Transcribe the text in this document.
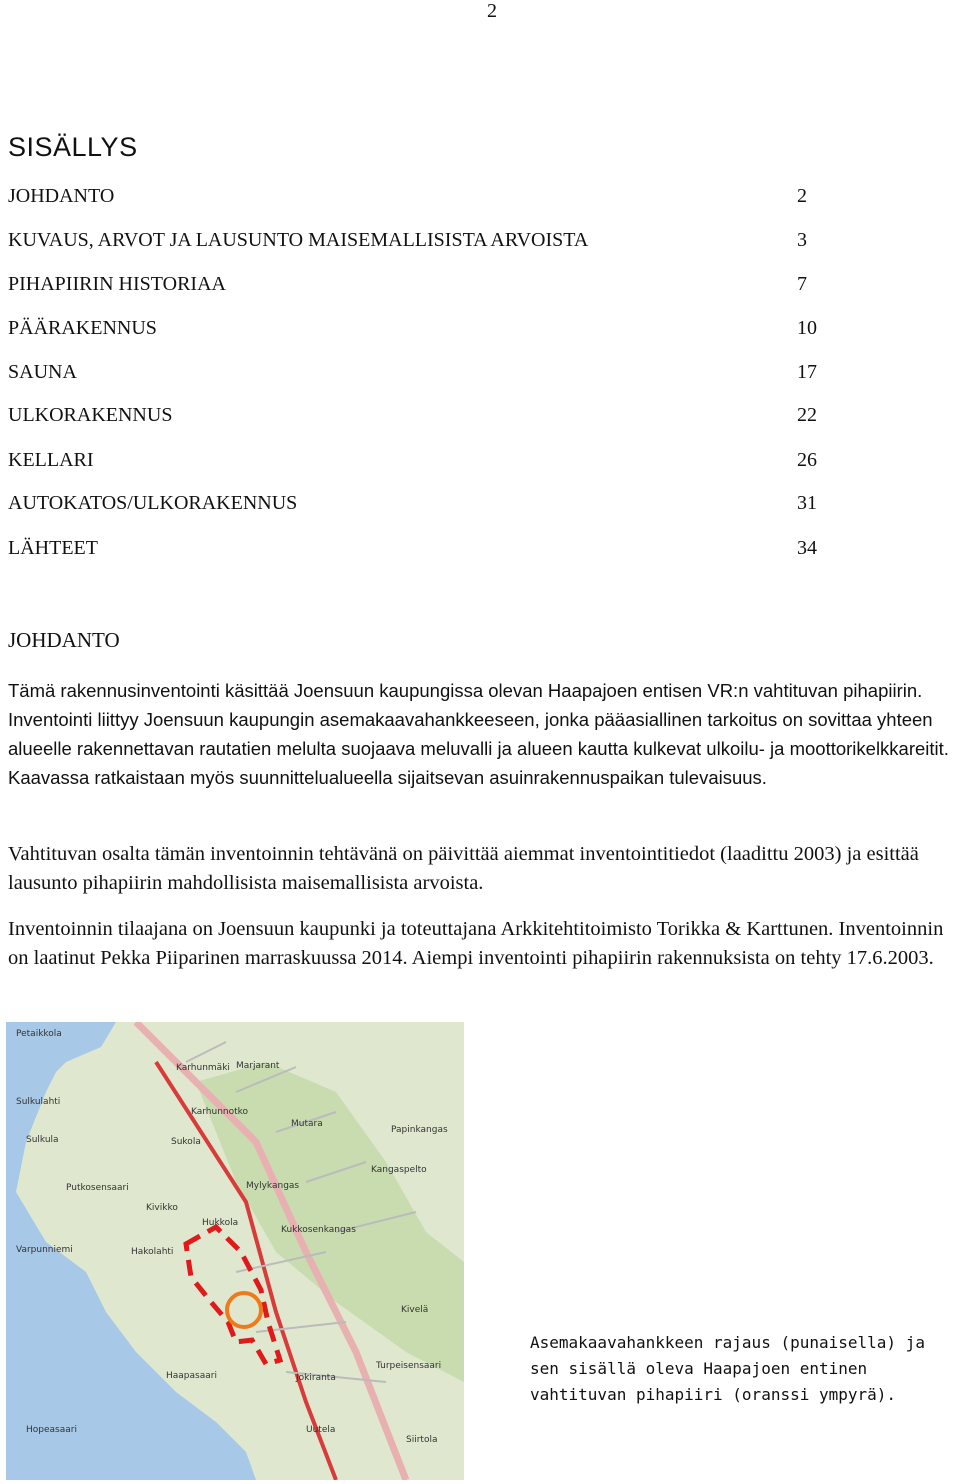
2
SISÄLLYS
JOHDANTO	2
KUVAUS, ARVOT JA LAUSUNTO MAISEMALLISISTA ARVOISTA	3
PIHAPIIRIN HISTORIAA	7
PÄÄRAKENNUS	10
SAUNA	17
ULKORAKENNUS	22
KELLARI	26
AUTOKATOS/ULKORAKENNUS	31
LÄHTEET	34
JOHDANTO

Tämä rakennusinventointi käsittää Joensuun kaupungissa olevan Haapajoen entisen VR:n vahtituvan pihapiirin. Inventointi liittyy Joensuun kaupungin asemakaavahankkeeseen, jonka pääasiallinen tarkoitus on sovittaa yhteen alueelle rakennettavan rautatien melulta suojaava meluvalli ja alueen kautta kulkevat ulkoilu- ja moottorikelkkareitit. Kaavassa ratkaistaan myös suunnittelualueella sijaitsevan asuinrakennuspaikan tulevaisuus.

Vahtituvan osalta tämän inventoinnin tehtävänä on päivittää aiemmat inventointitiedot (laadittu 2003) ja esittää lausunto pihapiirin mahdollisista maisemallisista arvoista.

Inventoinnin tilaajana on Joensuun kaupunki ja toteuttajana Arkkitehtitoimisto Torikka & Karttunen. Inventoinnin on laatinut Pekka Piiparinen marraskuussa 2014. Aiempi inventointi pihapiirin rakennuksista on tehty 17.6.2003.

Petaikkola
Sulkulahti
Sulkula
Putkosensaari
Kivikko
Varpunniemi	Hakolahti
Karhunmäki
Karhunnotko
Papinkangas
Kangaspelto
Kukkosenkangas
Kivelä
Turpeisensaari
Haapasaari	Jokiranta
Uutela
Siirtola
Hopeasaari
Hukkola
Mylykangas
Marjarant
Mutara
Sukola

Asemakaavahankkeen rajaus (punaisella) ja sen sisällä oleva Haapajoen entinen vahtituvan pihapiiri (oranssi ympyrä).
